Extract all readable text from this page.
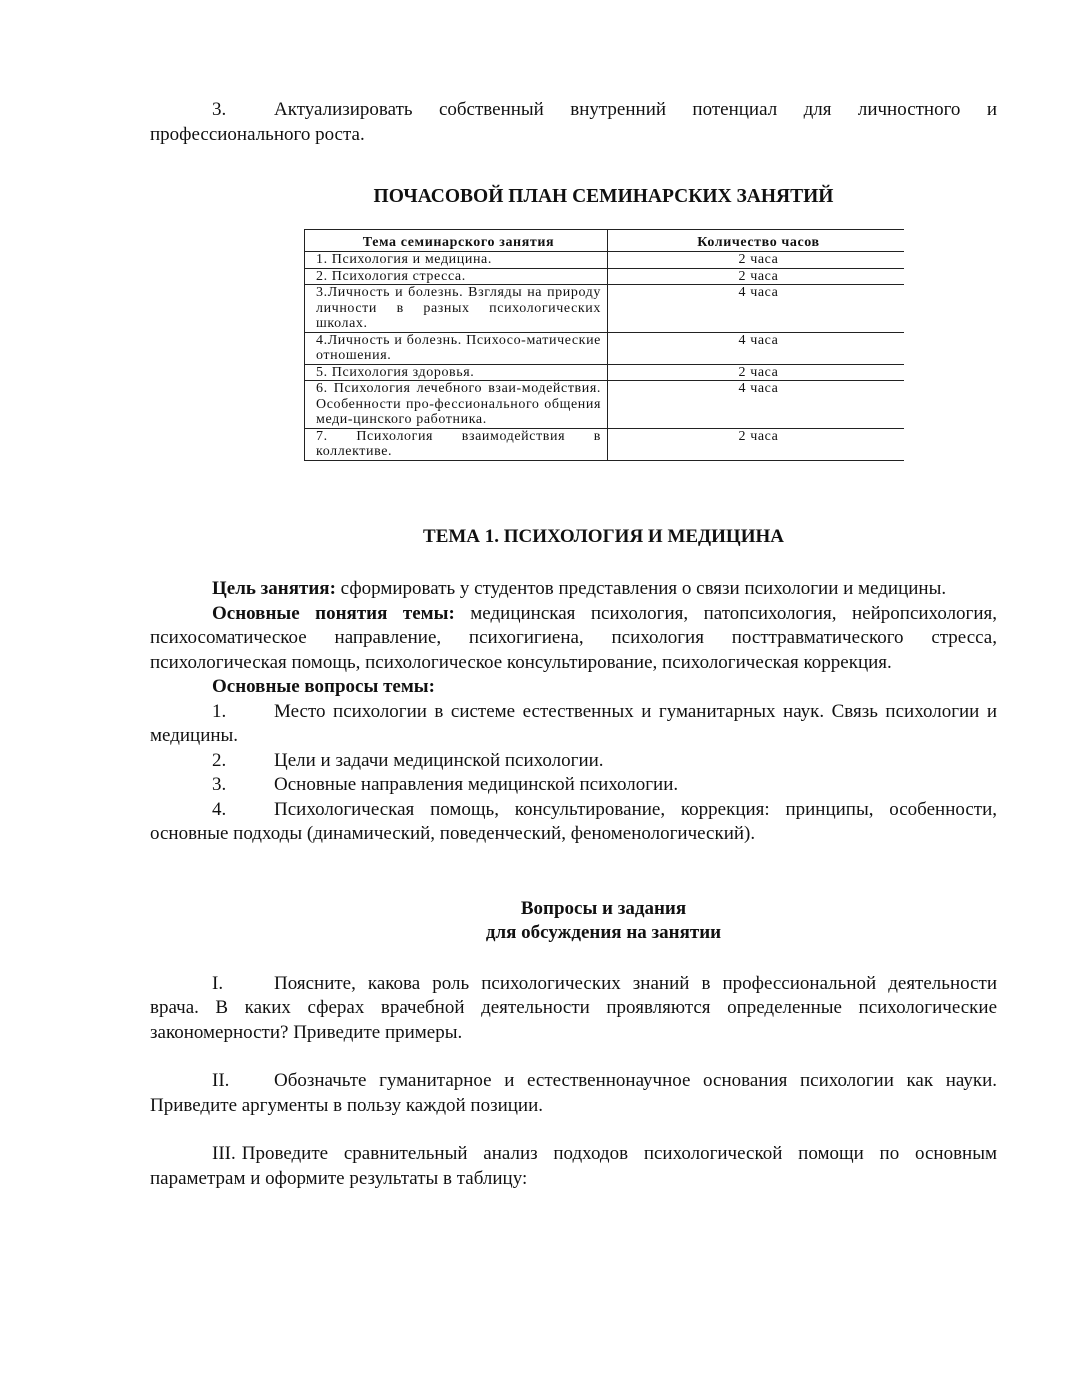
3.	Актуализировать собственный внутренний потенциал для личностного и профессионального роста.

ПОЧАСОВОЙ ПЛАН СЕМИНАРСКИХ ЗАНЯТИЙ

Тема семинарского занятия	Количество часов
1. Психология и медицина.	2 часа
2. Психология стресса.	2 часа
3.Личность и болезнь. Взгляды на природу личности в разных психологических школах.	4 часа
4.Личность и болезнь. Психосо-матические отношения.	4 часа
5. Психология здоровья.	2 часа
6. Психология лечебного взаи-модействия. Особенности про-фессионального общения меди-цинского работника.	4 часа
7. Психология взаимодействия в коллективе.	2 часа

ТЕМА 1. ПСИХОЛОГИЯ И МЕДИЦИНА

Цель занятия: сформировать у студентов представления о связи психологии и медицины.

Основные понятия темы: медицинская психология, патопсихология, нейропсихология, психосоматическое направление, психогигиена, психология посттравматического стресса, психологическая помощь, психологическое консультирование, психологическая коррекция.

Основные вопросы темы:

1.	Место психологии в системе естественных и гуманитарных наук. Связь психологии и медицины.

2.	Цели и задачи медицинской психологии.

3.	Основные направления медицинской психологии.

4.	Психологическая помощь, консультирование, коррекция: принципы, особенности, основные подходы (динамический, поведенческий, феноменологический).

Вопросы и задания

для обсуждения на занятии

I.	Поясните, какова роль психологических знаний в профессиональной деятельности врача. В каких сферах врачебной деятельности проявляются определенные психологические закономерности? Приведите примеры.

II. Обозначьте гуманитарное и естественнонаучное основания психологии как науки. Приведите аргументы в пользу каждой позиции.

III. Проведите сравнительный анализ подходов психологической помощи по основным параметрам и оформите результаты в таблицу:
